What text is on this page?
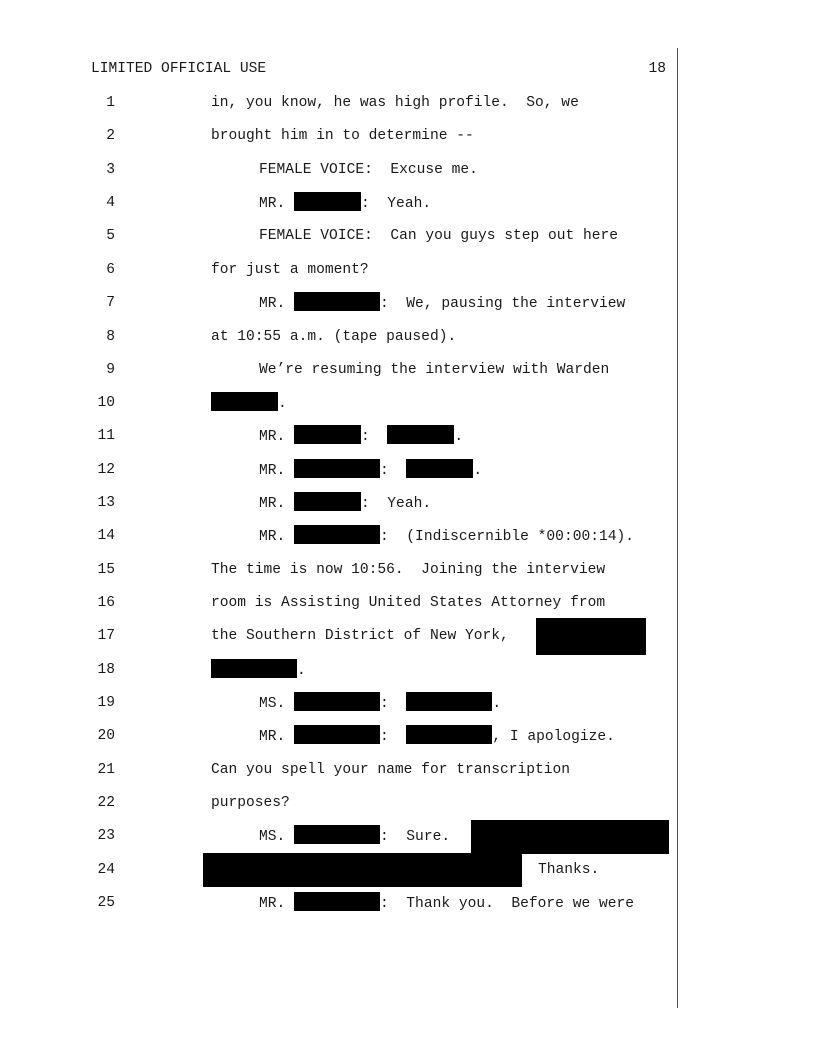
LIMITED OFFICIAL USE	18
1	in, you know, he was high profile.  So, we
2	brought him in to determine --
3	FEMALE VOICE:  Excuse me.
4	MR.	:  Yeah.
5	FEMALE VOICE:  Can you guys step out here
6	for just a moment?
7	MR.	:  We, pausing the interview
8	at 10:55 a.m. (tape paused).
9	We’re resuming the interview with Warden
10	.
11	MR.	:	.
12	MR.	:	.
13	MR.	:  Yeah.
14	MR.	:  (Indiscernible *00:00:14).
15	The time is now 10:56.  Joining the interview
16	room is Assisting United States Attorney from
17	the Southern District of New York,
18	.
19	MS.	:	.
20	MR.	:	, I apologize.
21	Can you spell your name for transcription
22	purposes?
23	MS.	:  Sure.
24	Thanks.
25	MR.	:  Thank you.  Before we were
